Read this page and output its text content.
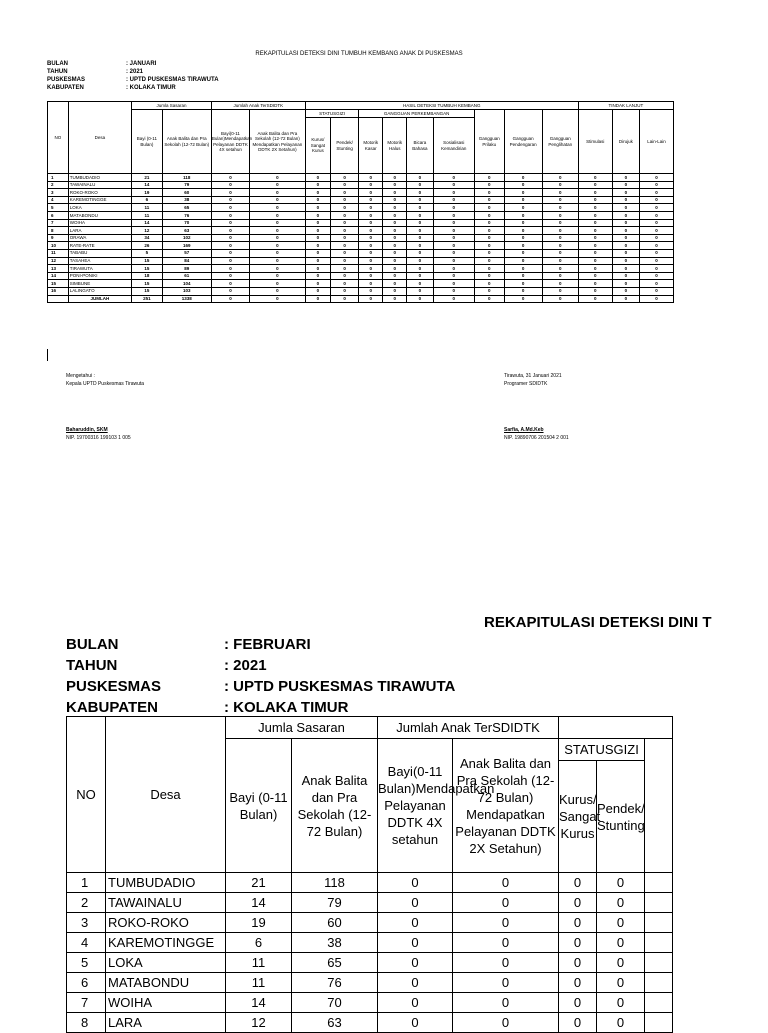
REKAPITULASI DETEKSI DINI TUMBUH KEMBANG ANAK DI PUSKESMAS
BULAN	: JANUARI
TAHUN	: 2021
PUSKESMAS	: UPTD PUSKESMAS TIRAWUTA
KABUPATEN	: KOLAKA TIMUR
NO	Desa	Jumla Sasaran		Jumlah Anak TerSDIDTK		HASIL DETEKSI TUMBUH KEMBANG									TINDAK LANJUT		
		Bayi (0-11 Bulan)	Anak Balita dan Pra Sekolah (12-72 Bulan)	Bayi(0-11 Bulan)Mendapatkan Pelayanan DDTK 4X setahun	Anak Balita dan Pra Sekolah (12-72 Bulan) Mendapatkan Pelayanan DDTK 2X Setahun)	STATUSGIZI		GANGGUAN PERKEMBANGAN				Gangguan Prilaku	Gangguan Pendengaran	Gangguan Penglihatan	Stimulasi	Dirujuk	Lain-Lain
						Kurus/ Sangat Kurus	Pendek/ Stunting	Motorik Kasar	Motorik Halus	Bicara Bahasa	Sosialisasi Kemandirian						
1	TUMBUDADIO	21	118	0	0	0	0	0	0	0	0	0	0	0	0	0	0
2	TAWAINALU	14	79	0	0	0	0	0	0	0	0	0	0	0	0	0	0
3	ROKO-ROKO	19	60	0	0	0	0	0	0	0	0	0	0	0	0	0	0
4	KAREMOTINGGE	6	38	0	0	0	0	0	0	0	0	0	0	0	0	0	0
5	LOKA	11	65	0	0	0	0	0	0	0	0	0	0	0	0	0	0
6	MATABONDU	11	76	0	0	0	0	0	0	0	0	0	0	0	0	0	0
7	WOIHA	14	70	0	0	0	0	0	0	0	0	0	0	0	0	0	0
8	LARA	12	63	0	0	0	0	0	0	0	0	0	0	0	0	0	0
9	ORAWA	34	102	0	0	0	0	0	0	0	0	0	0	0	0	0	0
10	RATE-RATE	26	169	0	0	0	0	0	0	0	0	0	0	0	0	0	0
11	TABABU	5	57	0	0	0	0	0	0	0	0	0	0	0	0	0	0
12	TASAHEA	15	84	0	0	0	0	0	0	0	0	0	0	0	0	0	0
13	TIRAWUTA	15	89	0	0	0	0	0	0	0	0	0	0	0	0	0	0
14	PONI-PONIKI	18	61	0	0	0	0	0	0	0	0	0	0	0	0	0	0
15	SIMBUNE	15	104	0	0	0	0	0	0	0	0	0	0	0	0	0	0
16	LALINGATO	15	103	0	0	0	0	0	0	0	0	0	0	0	0	0	0
	JUMLAH	251	1338	0	0	0	0	0	0	0	0	0	0	0	0	0	0
Mengetahui :
Kepala UPTD Puskesmas Tirawuta
Baharuddin, SKM
NIP. 19700316 199103 1 005
Tirawuta, 31 Januari 2021
Programer SDIDTK
Sarfia, A.Md.Keb
NIP. 19890706 201504 2 001
REKAPITULASI DETEKSI DINI T
BULAN	: FEBRUARI
TAHUN	: 2021
PUSKESMAS	: UPTD PUSKESMAS TIRAWUTA
KABUPATEN	: KOLAKA TIMUR
NO	Desa	Jumla Sasaran		Jumlah Anak TerSDIDTK				
		Bayi (0-11 Bulan)	Anak Balita dan Pra Sekolah (12-72 Bulan)	Bayi(0-11 Bulan)Mendapatkan Pelayanan DDTK 4X setahun	Anak Balita dan Pra Sekolah (12-72 Bulan) Mendapatkan Pelayanan DDTK 2X Setahun)	STATUSGIZI		
						Kurus/ Sangat Kurus	Pendek/ Stunting	
1	TUMBUDADIO	21	118	0	0	0	0	
2	TAWAINALU	14	79	0	0	0	0	
3	ROKO-ROKO	19	60	0	0	0	0	
4	KAREMOTINGGE	6	38	0	0	0	0	
5	LOKA	11	65	0	0	0	0	
6	MATABONDU	11	76	0	0	0	0	
7	WOIHA	14	70	0	0	0	0	
8	LARA	12	63	0	0	0	0	
